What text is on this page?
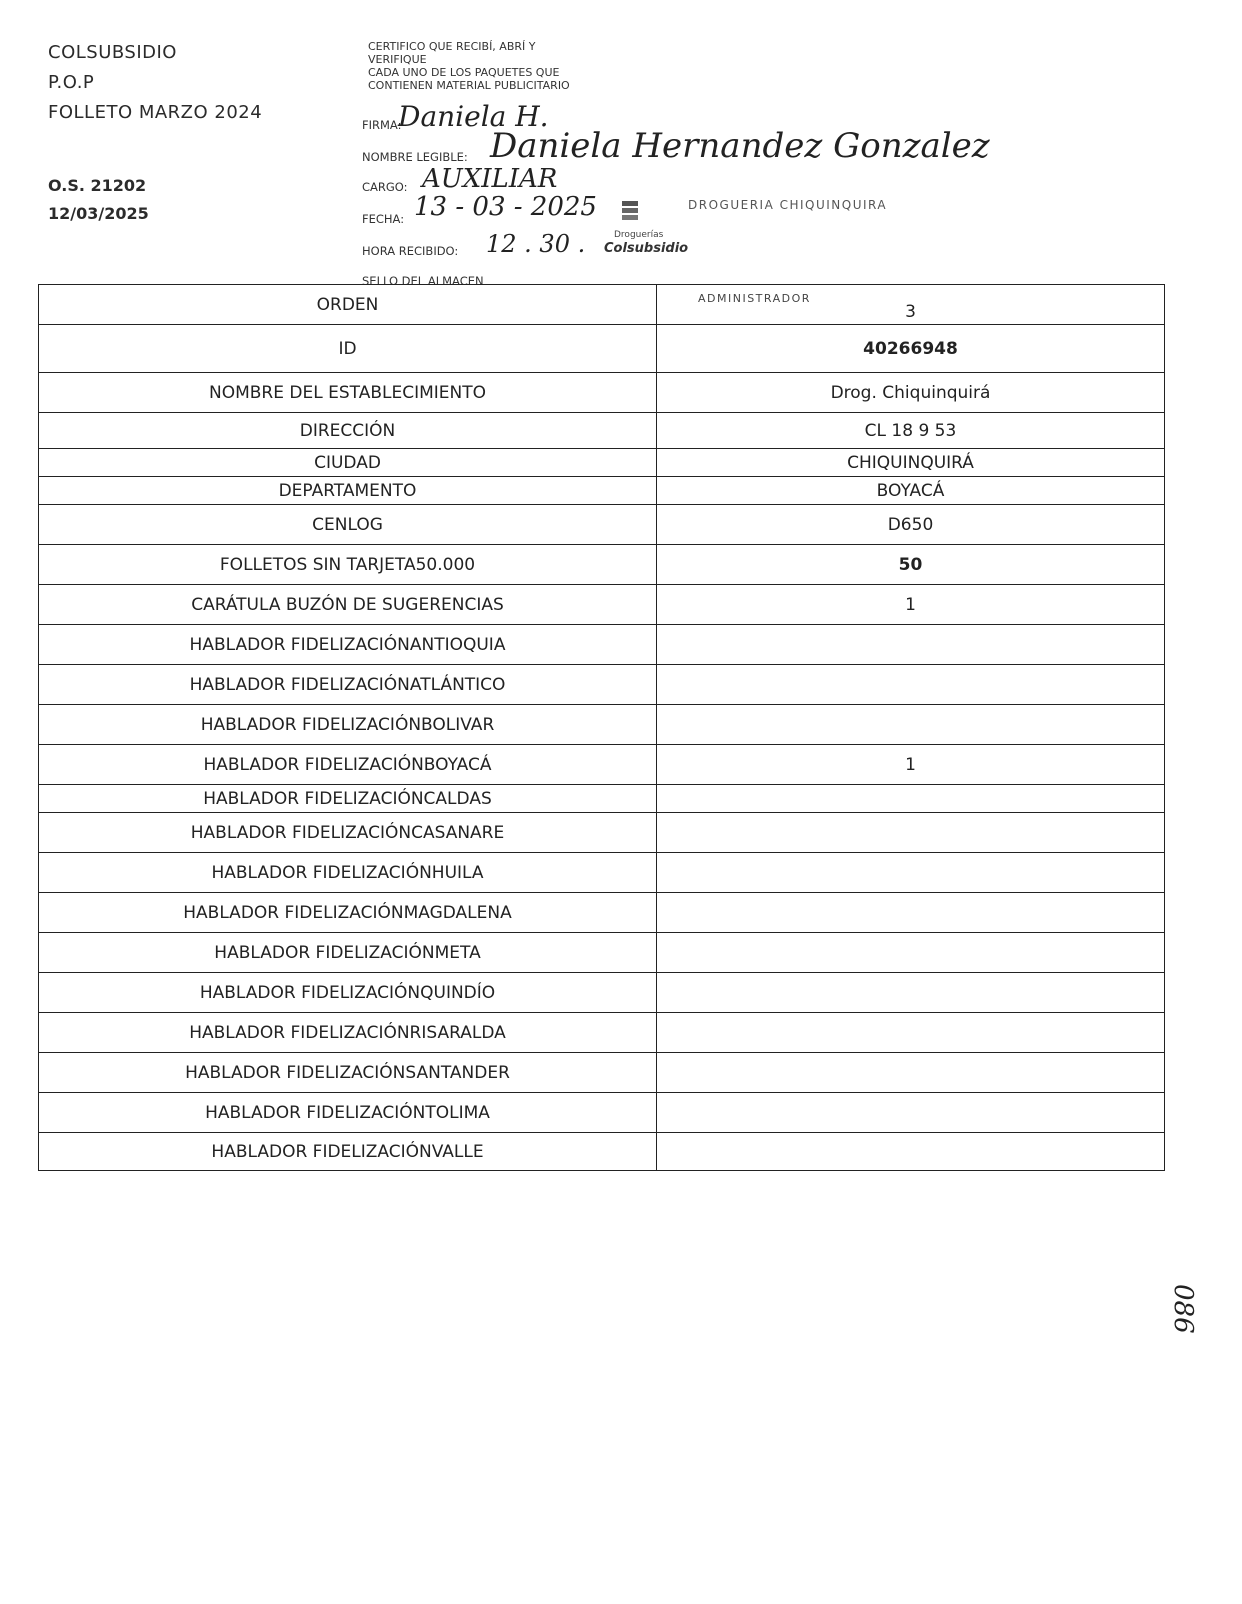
COLSUBSIDIO
P.O.P
FOLLETO MARZO 2024
O.S. 21202
12/03/2025
CERTIFICO QUE RECIBÍ, ABRÍ Y
VERIFIQUE
CADA UNO DE LOS PAQUETES QUE
CONTIENEN MATERIAL PUBLICITARIO
FIRMA:
Daniela H.
NOMBRE LEGIBLE: Daniela Hernandez Gonzalez
CARGO: AUXILIAR
FECHA: 13 - 03 - 2025
HORA RECIBIDO: 12 . 30 .
SELLO DEL ALMACEN
Droguerías
Colsubsidio
DROGUERIA CHIQUINQUIRA
ADMINISTRADOR
ORDEN	3
ID	40266948
NOMBRE DEL ESTABLECIMIENTO	Drog. Chiquinquirá
DIRECCIÓN	CL 18 9 53
CIUDAD	CHIQUINQUIRÁ
DEPARTAMENTO	BOYACÁ
CENLOG	D650
FOLLETOS SIN TARJETA50.000	50
CARÁTULA BUZÓN DE SUGERENCIAS	1
HABLADOR FIDELIZACIÓNANTIOQUIA	
HABLADOR FIDELIZACIÓNATLÁNTICO	
HABLADOR FIDELIZACIÓNBOLIVAR	
HABLADOR FIDELIZACIÓNBOYACÁ	1
HABLADOR FIDELIZACIÓNCALDAS	
HABLADOR FIDELIZACIÓNCASANARE	
HABLADOR FIDELIZACIÓNHUILA	
HABLADOR FIDELIZACIÓNMAGDALENA	
HABLADOR FIDELIZACIÓNMETA	
HABLADOR FIDELIZACIÓNQUINDÍO	
HABLADOR FIDELIZACIÓNRISARALDA	
HABLADOR FIDELIZACIÓNSANTANDER	
HABLADOR FIDELIZACIÓNTOLIMA	
HABLADOR FIDELIZACIÓNVALLE	
086
